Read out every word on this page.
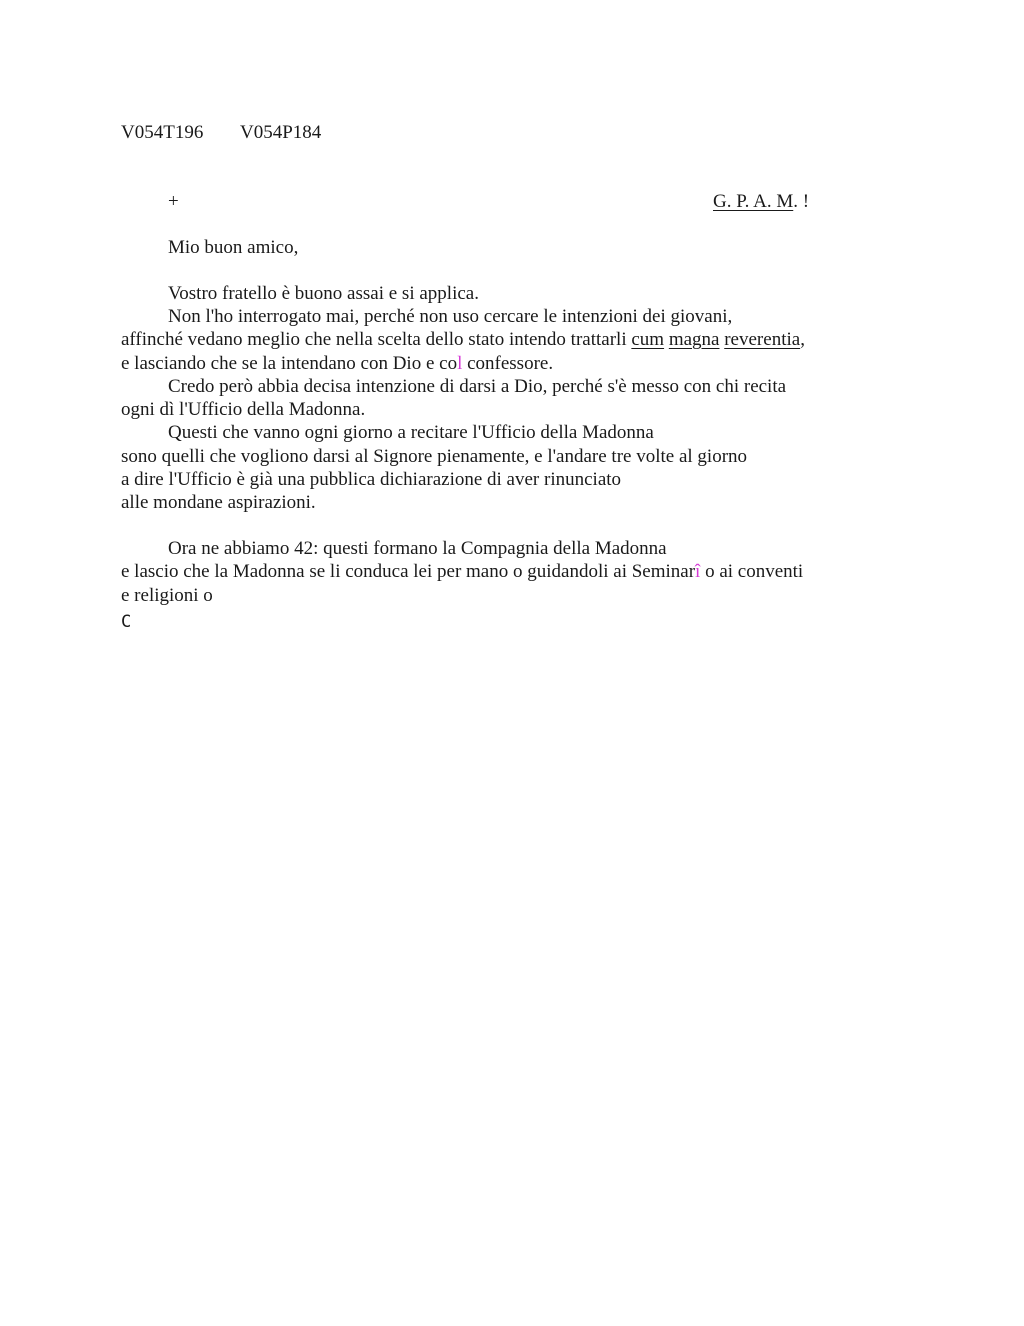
V054T196 V054P184
+	G. P. A. M. !
Mio buon amico,
Vostro fratello è buono assai e si applica.
Non l'ho interrogato mai, perché non uso cercare le intenzioni dei giovani,
affinché vedano meglio che nella scelta dello stato intendo trattarli cum magna reverentia,
e lasciando che se la intendano con Dio e col confessore.
Credo però abbia decisa intenzione di darsi a Dio, perché s'è messo con chi recita
ogni dì l'Ufficio della Madonna.
Questi che vanno ogni giorno a recitare l'Ufficio della Madonna
sono quelli che vogliono darsi al Signore pienamente, e l'andare tre volte al giorno
a dire l'Ufficio è già una pubblica dichiarazione di aver rinunciato
alle mondane aspirazioni.
Ora ne abbiamo 42: questi formano la Compagnia della Madonna
e lascio che la Madonna se li conduca lei per mano o guidandoli ai Seminarî o ai conventi
e religioni o
C
